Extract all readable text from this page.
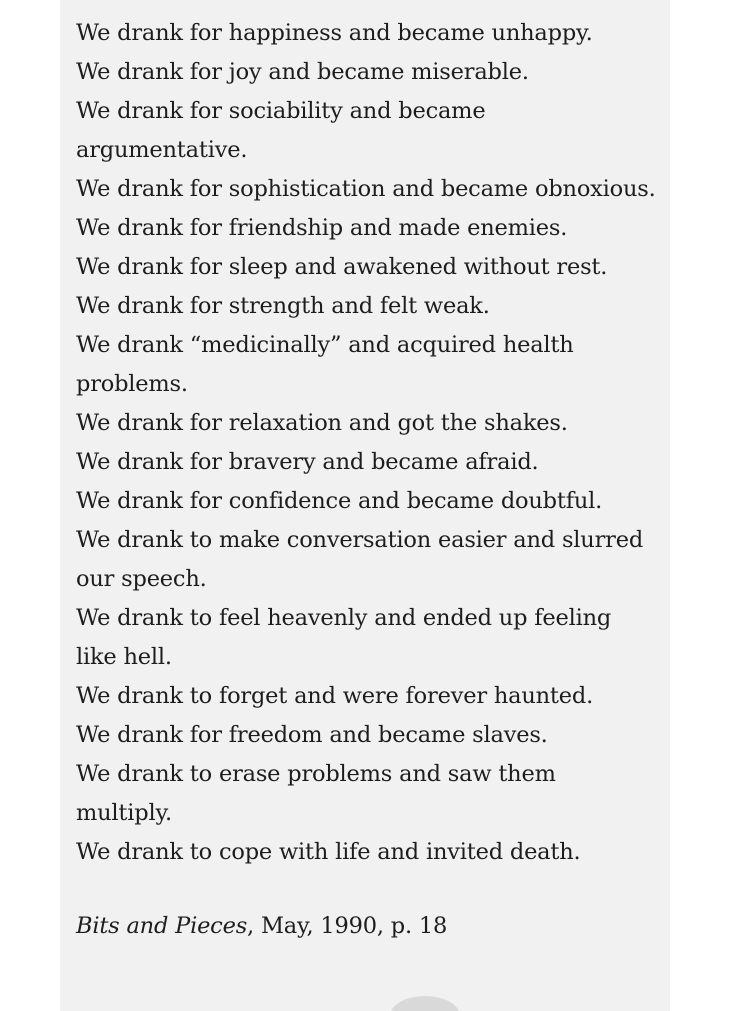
We drank for happiness and became unhappy.
We drank for joy and became miserable.
We drank for sociability and became argumentative.
We drank for sophistication and became obnoxious.
We drank for friendship and made enemies.
We drank for sleep and awakened without rest.
We drank for strength and felt weak.
We drank “medicinally” and acquired health problems.
We drank for relaxation and got the shakes.
We drank for bravery and became afraid.
We drank for confidence and became doubtful.
We drank to make conversation easier and slurred our speech.
We drank to feel heavenly and ended up feeling like hell.
We drank to forget and were forever haunted.
We drank for freedom and became slaves.
We drank to erase problems and saw them multiply.
We drank to cope with life and invited death.
Bits and Pieces, May, 1990, p. 18
